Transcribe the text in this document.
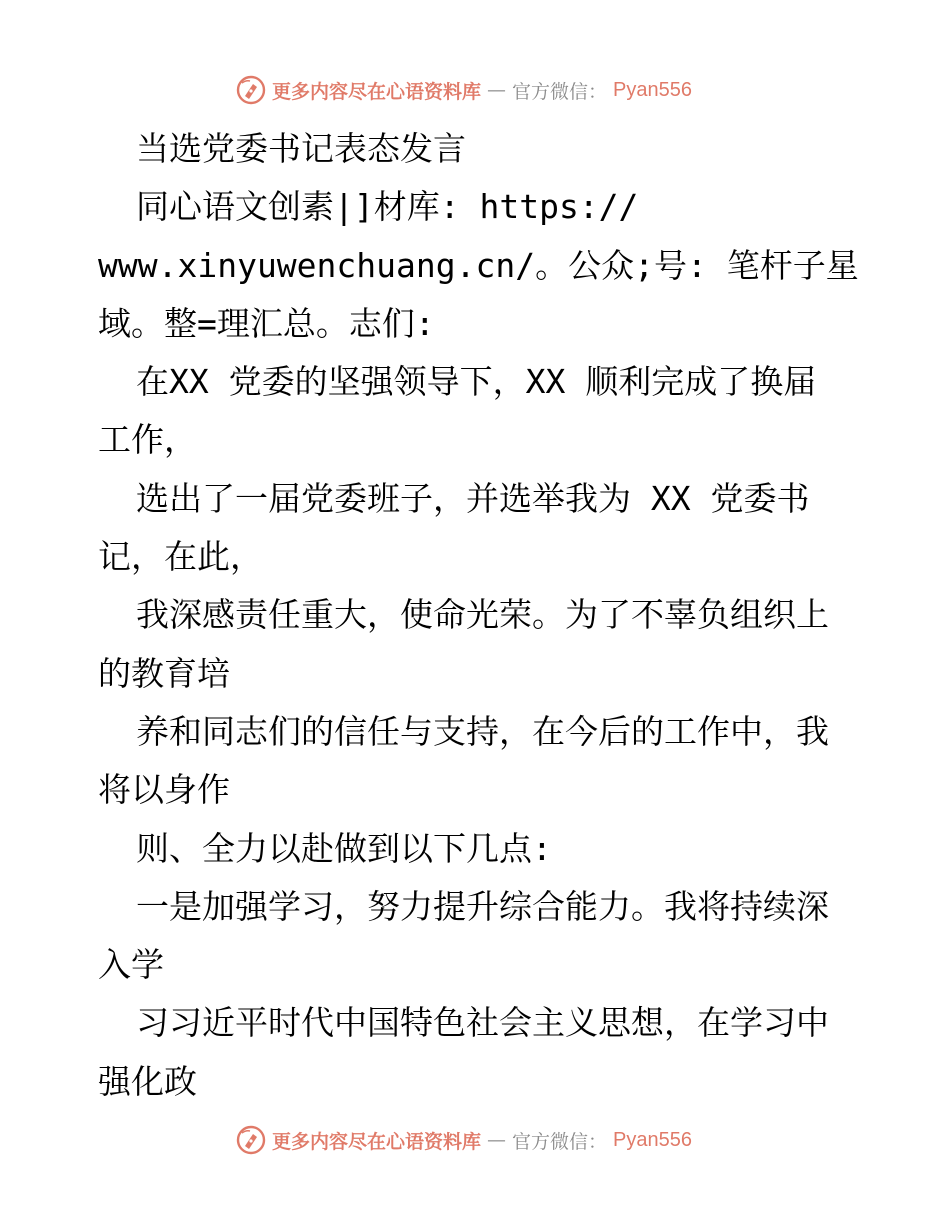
更多内容尽在心语资料库 — 官方微信： Pyan556
当选党委书记表态发言
同心语文创素|]材库: https://
www.xinyuwenchuang.cn/。公众;号: 笔杆子星
域。整=理汇总。志们:
在XX 党委的坚强领导下，XX 顺利完成了换届
工作，
选出了一届党委班子，并选举我为 XX 党委书
记，在此，
我深感责任重大，使命光荣。为了不辜负组织上
的教育培
养和同志们的信任与支持，在今后的工作中，我
将以身作
则、全力以赴做到以下几点:
一是加强学习，努力提升综合能力。我将持续深
入学
习习近平时代中国特色社会主义思想，在学习中
强化政
更多内容尽在心语资料库 — 官方微信： Pyan556
